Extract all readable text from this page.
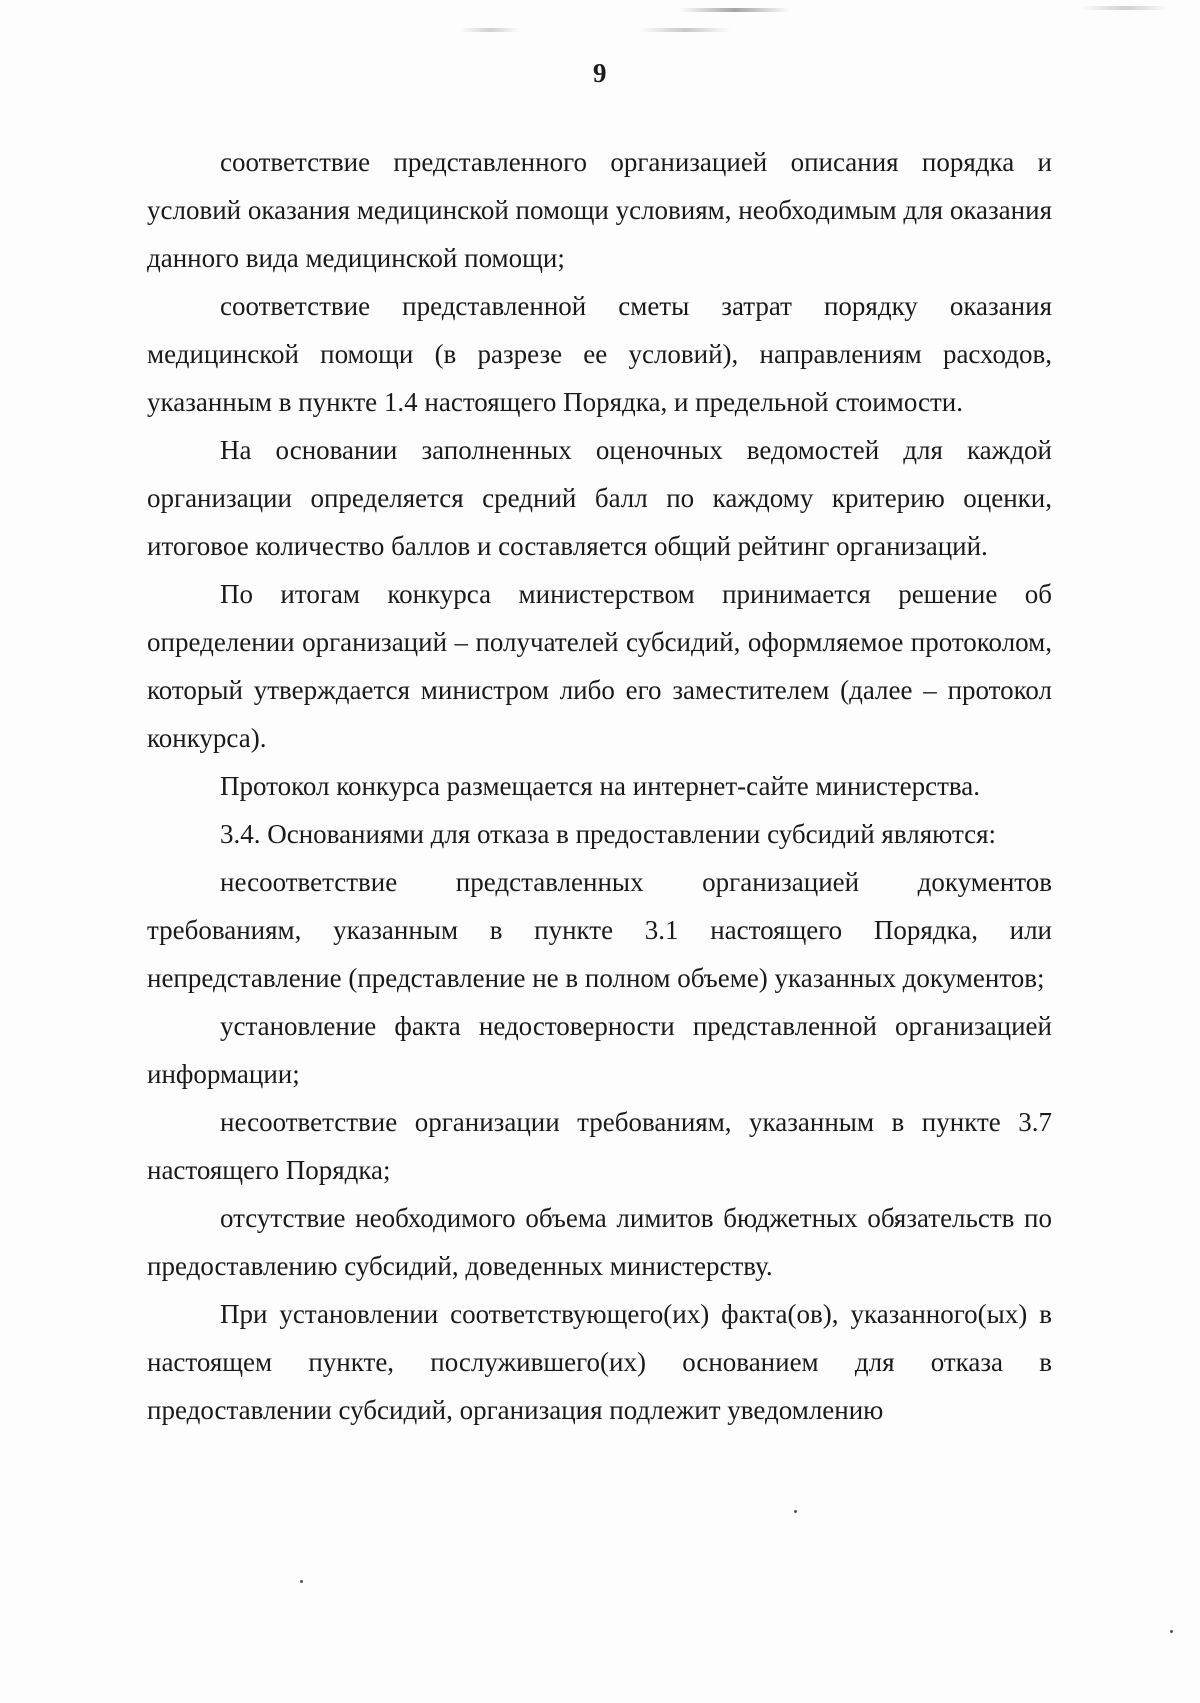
9

соответствие представленного организацией описания порядка и условий оказания медицинской помощи условиям, необходимым для оказания данного вида медицинской помощи;

соответствие представленной сметы затрат порядку оказания медицинской помощи (в разрезе ее условий), направлениям расходов, указанным в пункте 1.4 настоящего Порядка, и предельной стоимости.

На основании заполненных оценочных ведомостей для каждой организации определяется средний балл по каждому критерию оценки, итоговое количество баллов и составляется общий рейтинг организаций.

По итогам конкурса министерством принимается решение об определении организаций – получателей субсидий, оформляемое протоколом, который утверждается министром либо его заместителем (далее – протокол конкурса).

Протокол конкурса размещается на интернет-сайте министерства.

3.4. Основаниями для отказа в предоставлении субсидий являются:

несоответствие представленных организацией документов требованиям, указанным в пункте 3.1 настоящего Порядка, или непредставление (представление не в полном объеме) указанных документов;

установление факта недостоверности представленной организацией информации;

несоответствие организации требованиям, указанным в пункте 3.7 настоящего Порядка;

отсутствие необходимого объема лимитов бюджетных обязательств по предоставлению субсидий, доведенных министерству.

При установлении соответствующего(их) факта(ов), указанного(ых) в настоящем пункте, послужившего(их) основанием для отказа в предоставлении субсидий, организация подлежит уведомлению
